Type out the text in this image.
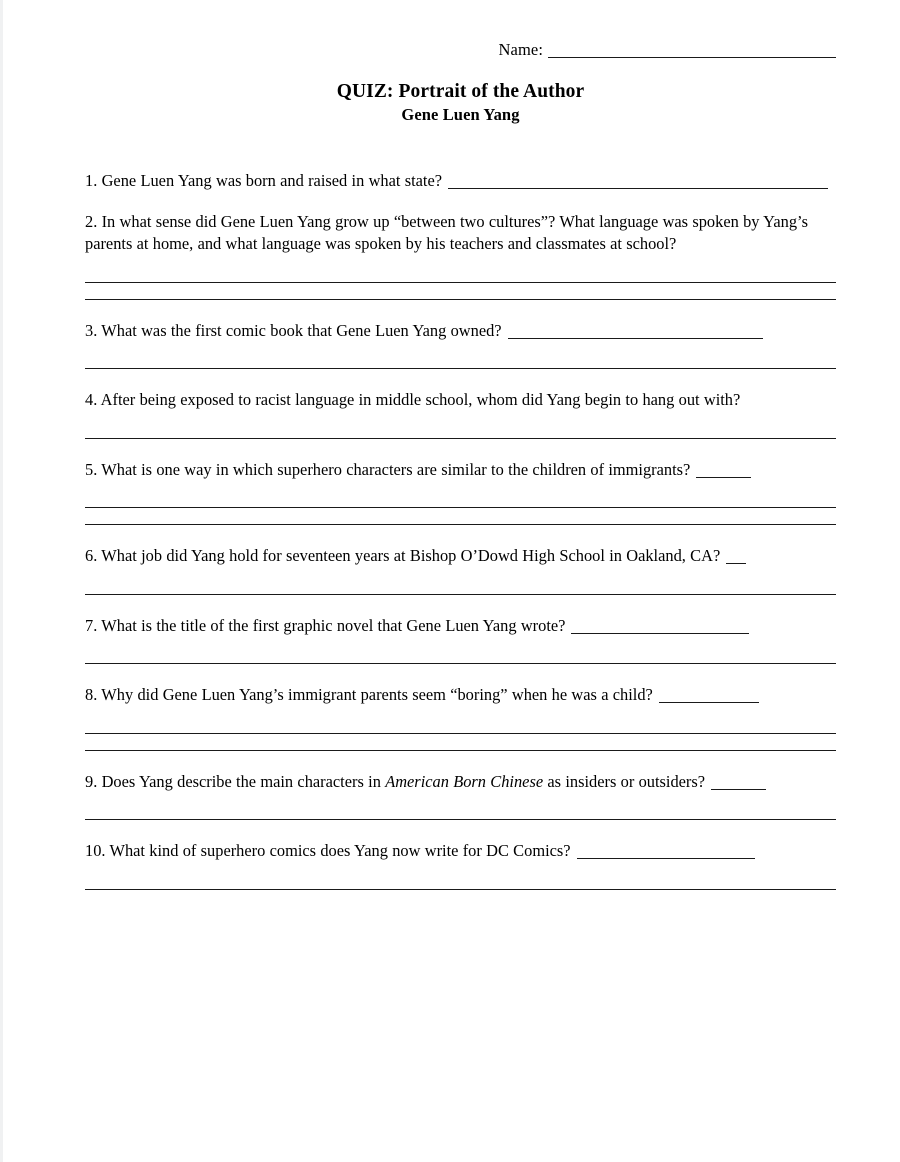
Name:
QUIZ: Portrait of the Author
Gene Luen Yang

1. Gene Luen Yang was born and raised in what state?

2. In what sense did Gene Luen Yang grow up “between two cultures”? What language was spoken by Yang’s parents at home, and what language was spoken by his teachers and classmates at school?

3. What was the first comic book that Gene Luen Yang owned?

4. After being exposed to racist language in middle school, whom did Yang begin to hang out with?

5. What is one way in which superhero characters are similar to the children of immigrants?

6. What job did Yang hold for seventeen years at Bishop O’Dowd High School in Oakland, CA?

7. What is the title of the first graphic novel that Gene Luen Yang wrote?

8. Why did Gene Luen Yang’s immigrant parents seem “boring” when he was a child?

9. Does Yang describe the main characters in American Born Chinese as insiders or outsiders?

10. What kind of superhero comics does Yang now write for DC Comics?
